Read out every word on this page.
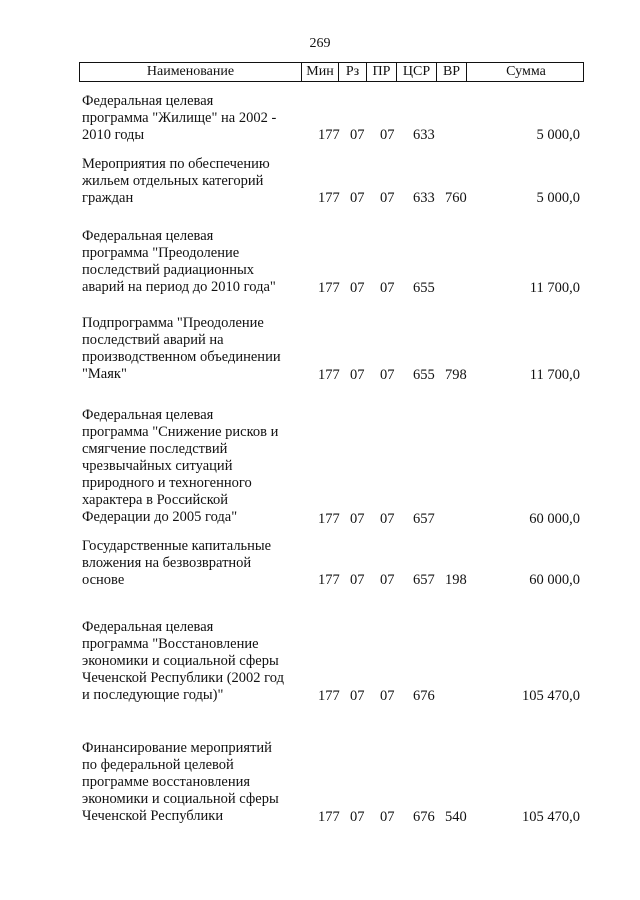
269
Наименование	Мин Рз ПР ЦСР ВР	Сумма
Федеральная целевая
программа "Жилище" на 2002 -
2010 годы	177 07 07 633	5 000,0
Мероприятия по обеспечению
жильем отдельных категорий
граждан	177 07 07 633 760	5 000,0
Федеральная целевая
программа "Преодоление
последствий радиационных
аварий на период до 2010 года"	177 07 07 655	11 700,0
Подпрограмма "Преодоление
последствий аварий на
производственном объединении
"Маяк"	177 07 07 655 798	11 700,0
Федеральная целевая
программа "Снижение рисков и
смягчение последствий
чрезвычайных ситуаций
природного и техногенного
характера в Российской
Федерации до 2005 года"	177 07 07 657	60 000,0
Государственные капитальные
вложения на безвозвратной
основе	177 07 07 657 198	60 000,0
Федеральная целевая
программа "Восстановление
экономики и социальной сферы
Чеченской Республики (2002 год
и последующие годы)"	177 07 07 676	105 470,0
Финансирование мероприятий
по федеральной целевой
программе восстановления
экономики и социальной сферы
Чеченской Республики	177 07 07 676 540	105 470,0
